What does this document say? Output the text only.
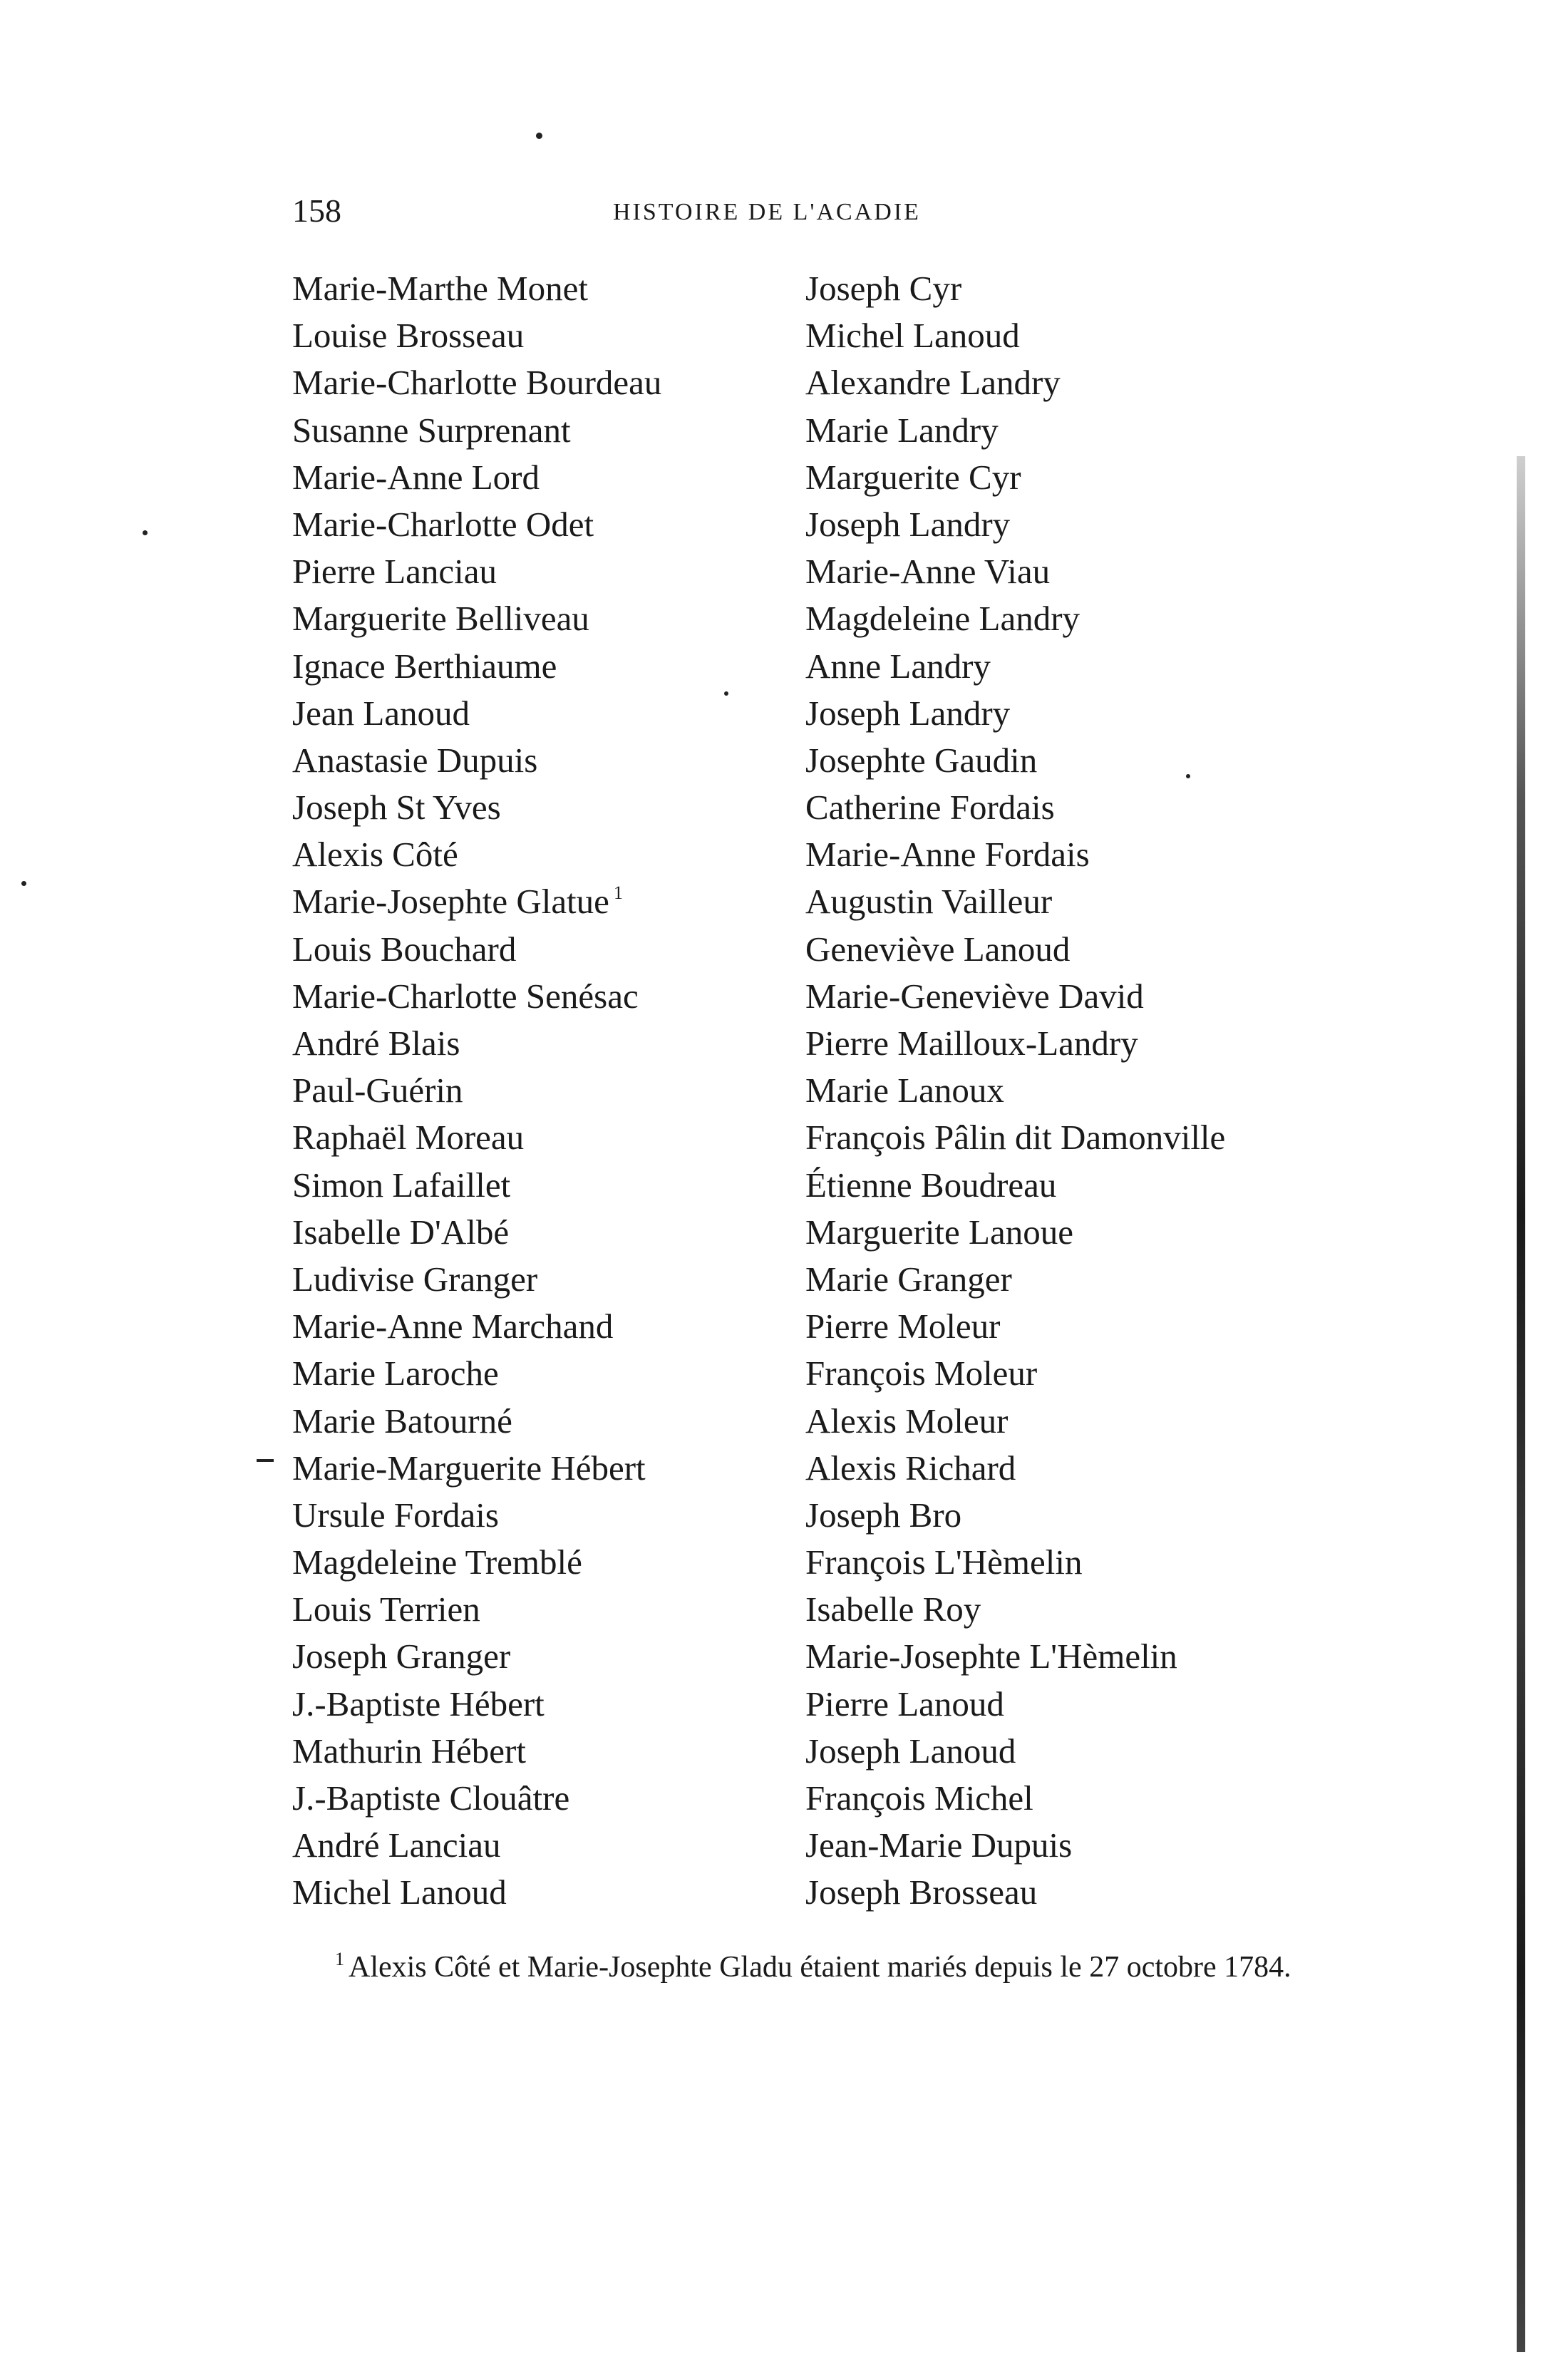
158	HISTOIRE DE L'ACADIE
Marie-Marthe Monet
Louise Brosseau
Marie-Charlotte Bourdeau
Susanne Surprenant
Marie-Anne Lord
Marie-Charlotte Odet
Pierre Lanciau
Marguerite Belliveau
Ignace Berthiaume
Jean Lanoud
Anastasie Dupuis
Joseph St Yves
Alexis Côté
Marie-Josephte Glatue $^1$
Louis Bouchard
Marie-Charlotte Senésac
André Blais
Paul-Guérin
Raphaël Moreau
Simon Lafaillet
Isabelle D'Albé
Ludivise Granger
Marie-Anne Marchand
Marie Laroche
Marie Batourné
Marie-Marguerite Hébert
Ursule Fordais
Magdeleine Tremblé
Louis Terrien
Joseph Granger
J.-Baptiste Hébert
Mathurin Hébert
J.-Baptiste Clouâtre
André Lanciau
Michel Lanoud
Joseph Cyr
Michel Lanoud
Alexandre Landry
Marie Landry
Marguerite Cyr
Joseph Landry
Marie-Anne Viau
Magdeleine Landry
Anne Landry
Joseph Landry
Josephte Gaudin
Catherine Fordais
Marie-Anne Fordais
Augustin Vailleur
Geneviève Lanoud
Marie-Geneviève David
Pierre Mailloux-Landry
Marie Lanoux
François Pâlin dit Damonville
Étienne Boudreau
Marguerite Lanoue
Marie Granger
Pierre Moleur
François Moleur
Alexis Moleur
Alexis Richard
Joseph Bro
François L'Hèmelin
Isabelle Roy
Marie-Josephte L'Hèmelin
Pierre Lanoud
Joseph Lanoud
François Michel
Jean-Marie Dupuis
Joseph Brosseau

$^1$ Alexis Côté et Marie-Josephte Gladu étaient mariés depuis le 27 octobre 1784.
